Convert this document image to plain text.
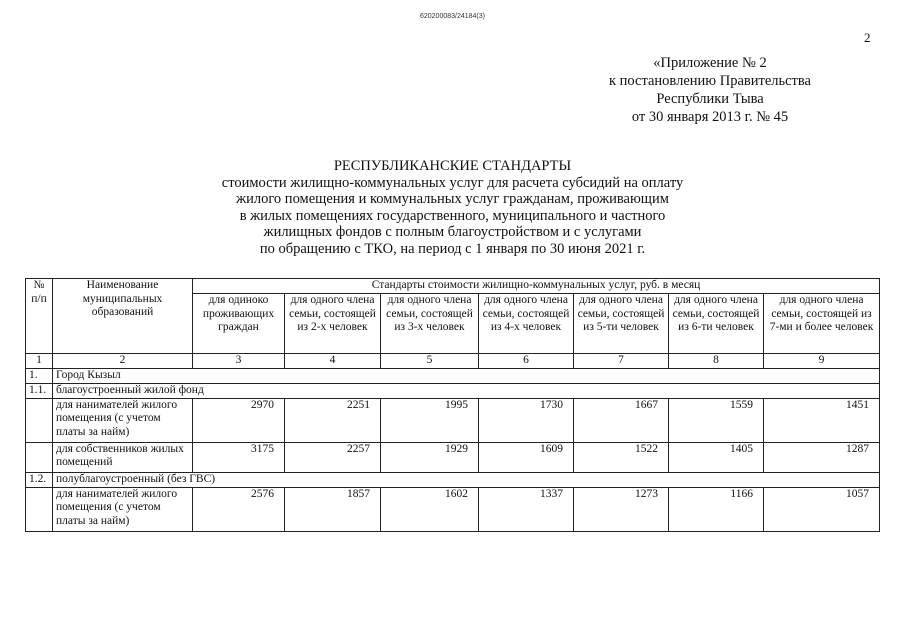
620200083/24184(3)
2
«Приложение № 2
к постановлению Правительства
Республики Тыва
от 30 января 2013 г. № 45
РЕСПУБЛИКАНСКИЕ СТАНДАРТЫ
стоимости жилищно-коммунальных услуг для расчета субсидий на оплату
жилого помещения и коммунальных услуг гражданам, проживающим
в жилых помещениях государственного, муниципального и частного
жилищных фондов с полным благоустройством и с услугами
по обращению с ТКО, на период с 1 января по 30 июня 2021 г.
№ п/п	Наименование муниципальных образований	Стандарты стоимости жилищно-коммунальных услуг, руб. в месяц						
		для одиноко проживающих граждан	для одного члена семьи, состоящей из 2-х человек	для одного члена семьи, состоящей из 3-х человек	для одного члена семьи, состоящей из 4-х человек	для одного члена семьи, состоящей из 5-ти человек	для одного члена семьи, состоящей из 6-ти человек	для одного члена семьи, состоящей из 7-ми и более человек
1	2	3	4	5	6	7	8	9
1.	Город Кызыл							
1.1.	благоустроенный жилой фонд							
	для нанимателей жилого помещения (с учетом платы за найм)	2970	2251	1995	1730	1667	1559	1451
	для собственников жилых помещений	3175	2257	1929	1609	1522	1405	1287
1.2.	полублагоустроенный (без ГВС)							
	для нанимателей жилого помещения (с учетом платы за найм)	2576	1857	1602	1337	1273	1166	1057
